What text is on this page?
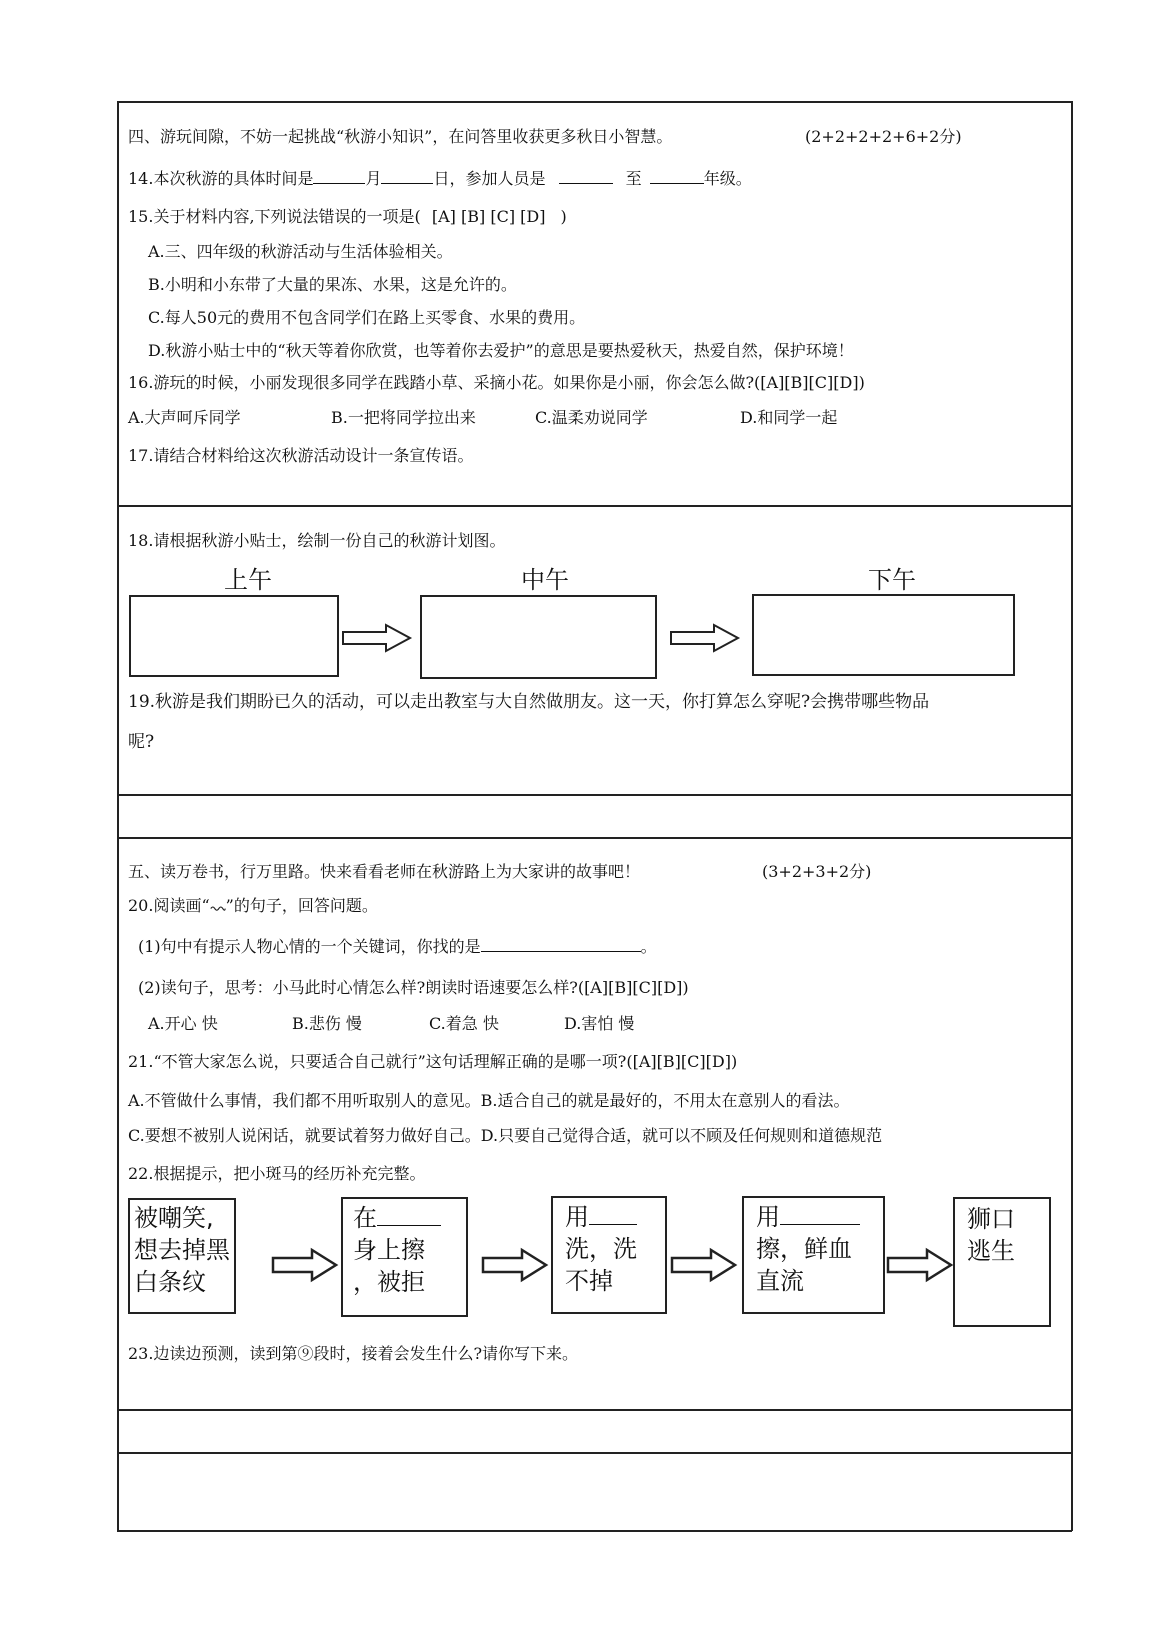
四、游玩间隙，不妨一起挑战“秋游小知识”，在问答里收获更多秋日小智慧。	(2+2+2+2+6+2分)
14.本次秋游的具体时间是	月	日，参加人员是	至	年级。
15.关于材料内容,下列说法错误的一项是( [A] [B] [C] [D] )
A.三、四年级的秋游活动与生活体验相关。
B.小明和小东带了大量的果冻、水果，这是允许的。
C.每人50元的费用不包含同学们在路上买零食、水果的费用。
D.秋游小贴士中的“秋天等着你欣赏，也等着你去爱护”的意思是要热爱秋天，热爱自然，保护环境！
16.游玩的时候，小丽发现很多同学在践踏小草、采摘小花。如果你是小丽，你会怎么做?([A][B][C][D])
A.大声呵斥同学	B.一把将同学拉出来	C.温柔劝说同学	D.和同学一起
17.请结合材料给这次秋游活动设计一条宣传语。
18.请根据秋游小贴士，绘制一份自己的秋游计划图。
上午	中午	下午
19.秋游是我们期盼已久的活动，可以走出教室与大自然做朋友。这一天，你打算怎么穿呢?会携带哪些物品
呢?
五、读万卷书，行万里路。快来看看老师在秋游路上为大家讲的故事吧！	(3+2+3+2分)
20.阅读画“ ”的句子，回答问题。
(1)句中有提示人物心情的一个关键词，你找的是	。
(2)读句子，思考：小马此时心情怎么样?朗读时语速要怎么样?([A][B][C][D])
A.开心 快	B.悲伤 慢	C.着急 快	D.害怕 慢
21.“不管大家怎么说，只要适合自己就行”这句话理解正确的是哪一项?([A][B][C][D])
A.不管做什么事情，我们都不用听取别人的意见。B.适合自己的就是最好的，不用太在意别人的看法。
C.要想不被别人说闲话，就要试着努力做好自己。D.只要自己觉得合适，就可以不顾及任何规则和道德规范
22.根据提示，把小斑马的经历补充完整。
被嘲笑,
想去掉黑
白条纹
在
身上擦
，被拒
用
洗，洗
不掉
用
擦，鲜血
直流
狮口
逃生
23.边读边预测，读到第⑨段时，接着会发生什么?请你写下来。
